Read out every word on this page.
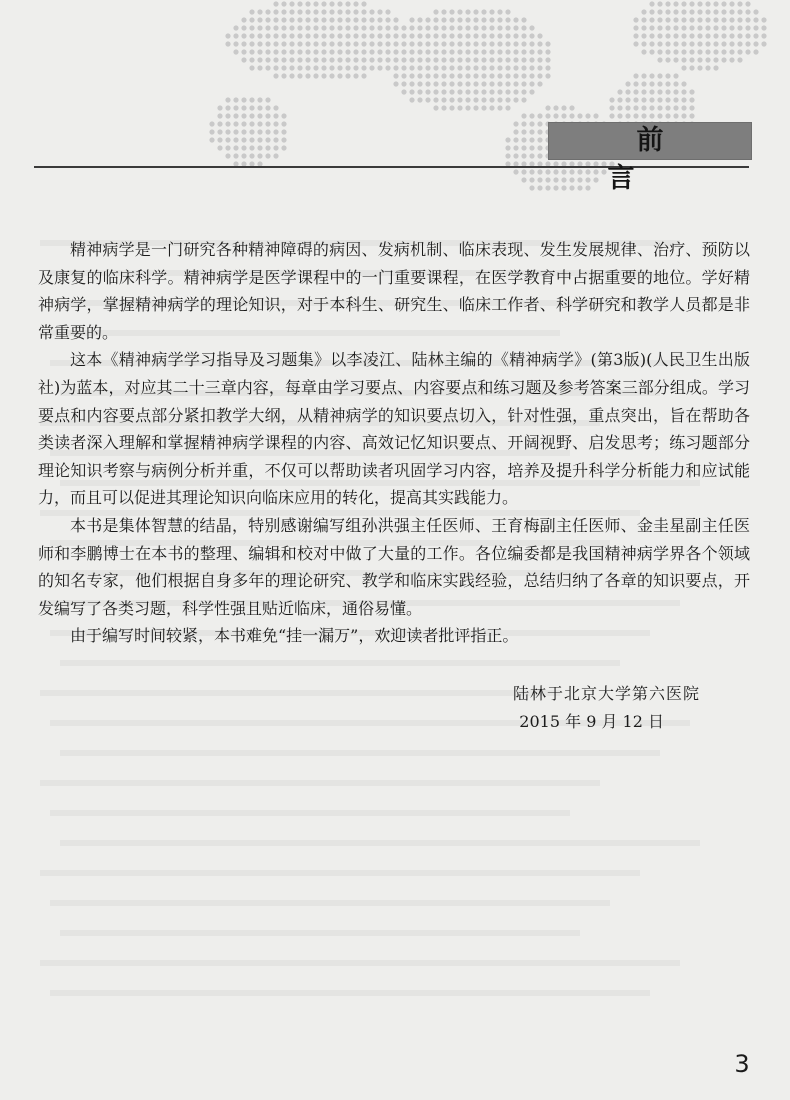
前言

精神病学是一门研究各种精神障碍的病因、发病机制、临床表现、发生发展规律、治疗、预防以及康复的临床科学。精神病学是医学课程中的一门重要课程，在医学教育中占据重要的地位。学好精神病学，掌握精神病学的理论知识，对于本科生、研究生、临床工作者、科学研究和教学人员都是非常重要的。

这本《精神病学学习指导及习题集》以李凌江、陆林主编的《精神病学》(第3版)(人民卫生出版社)为蓝本，对应其二十三章内容，每章由学习要点、内容要点和练习题及参考答案三部分组成。学习要点和内容要点部分紧扣教学大纲，从精神病学的知识要点切入，针对性强，重点突出，旨在帮助各类读者深入理解和掌握精神病学课程的内容、高效记忆知识要点、开阔视野、启发思考；练习题部分理论知识考察与病例分析并重，不仅可以帮助读者巩固学习内容，培养及提升科学分析能力和应试能力，而且可以促进其理论知识向临床应用的转化，提高其实践能力。

本书是集体智慧的结晶，特别感谢编写组孙洪强主任医师、王育梅副主任医师、金圭星副主任医师和李鹏博士在本书的整理、编辑和校对中做了大量的工作。各位编委都是我国精神病学界各个领域的知名专家，他们根据自身多年的理论研究、教学和临床实践经验，总结归纳了各章的知识要点，开发编写了各类习题，科学性强且贴近临床，通俗易懂。

由于编写时间较紧，本书难免“挂一漏万”，欢迎读者批评指正。

陆林于北京大学第六医院
2015 年 9 月 12 日
3
